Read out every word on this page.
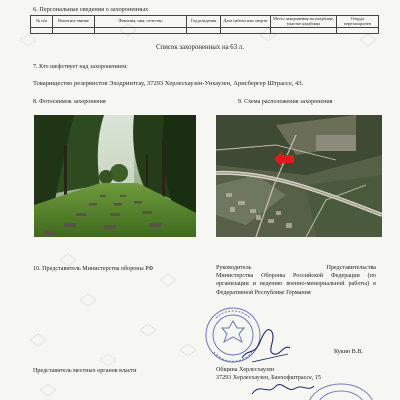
6. Персональные сведения о захороненных
№ п/п	Воинское звание	Фамилия, имя, отчество	Год рождения	Дата гибели или смерти	Место захоронения на кладбище, участке кладбища	Откуда перезахоронен

Список захороненных на 63 л.
7. Кто шефствует над захоронением:
Товарищество резервистов Эходринтгау, 37293 Херлесхаузен-Унхаузен, Арисбергер Штрассе, 43.
8. Фотоснимок захоронения	9. Схема расположения захоронения
10. Представитель Министерства обороны РФ	Руководитель	Представительства
Министерства Обороны Российской Федерации (по организации и ведению военно-мемориальной работы) в Федеративной Республике Германия
Кукин В.В.
Представитель местных органов власти	Община Херлесхаузен
37293 Херлесхаузен, Банхофштрассе, 15
